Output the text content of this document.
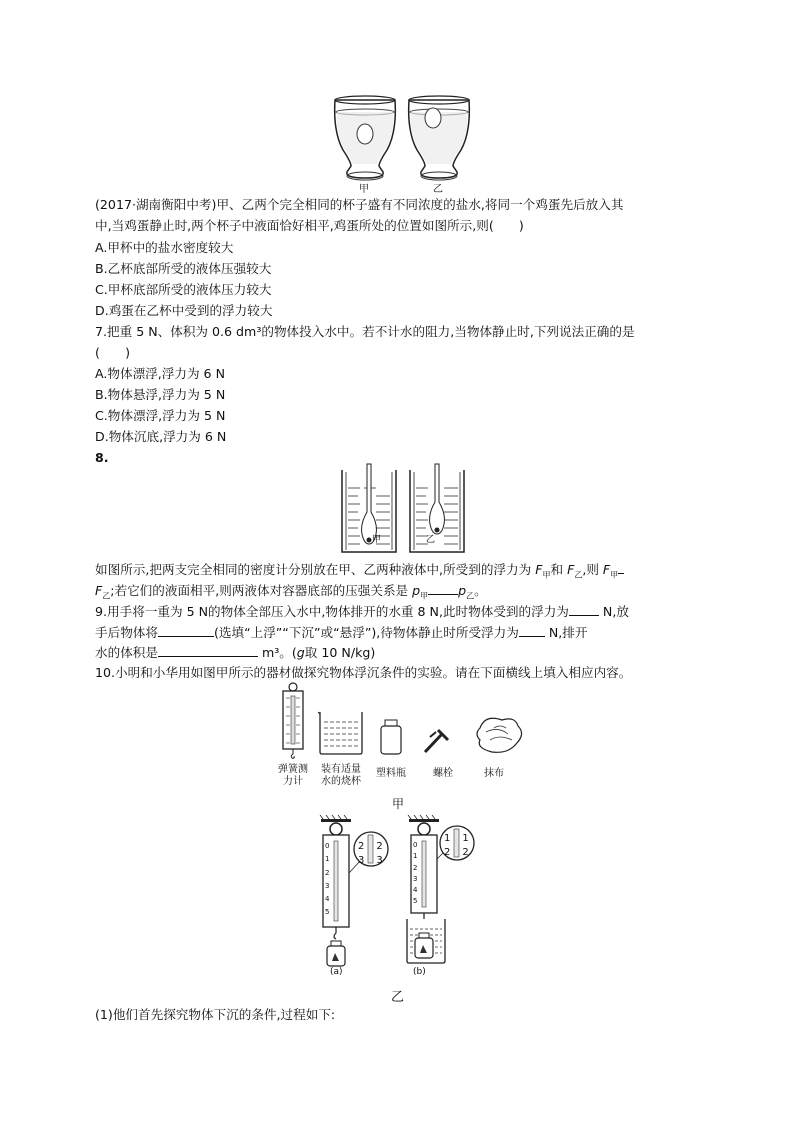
甲	乙
(2017·湖南衡阳中考)甲、乙两个完全相同的杯子盛有不同浓度的盐水,将同一个鸡蛋先后放入其
中,当鸡蛋静止时,两个杯子中液面恰好相平,鸡蛋所处的位置如图所示,则(　　)
A.甲杯中的盐水密度较大
B.乙杯底部所受的液体压强较大
C.甲杯底部所受的液体压力较大
D.鸡蛋在乙杯中受到的浮力较大
7.把重 5 N、体积为 0.6 dm³的物体投入水中。若不计水的阻力,当物体静止时,下列说法正确的是
(　　)
A.物体漂浮,浮力为 6 N
B.物体悬浮,浮力为 5 N
C.物体漂浮,浮力为 5 N
D.物体沉底,浮力为 6 N
8.
甲	乙
如图所示,把两支完全相同的密度计分别放在甲、乙两种液体中,所受到的浮力为 $F_甲$和 $F_乙$,则 $F_甲$
$F_乙$;若它们的液面相平,则两液体对容器底部的压强关系是 $p_甲$ $p_乙$。
9.用手将一重为 5 N的物体全部压入水中,物体排开的水重 8 N,此时物体受到的浮力为 N,放
手后物体将	(选填“上浮”“下沉”或“悬浮”),待物体静止时所受浮力为 N,排开
水的体积是	m³。(g取 10 N/kg)
10.小明和小华用如图甲所示的器材做探究物体浮沉条件的实验。请在下面横线上填入相应内容。
弹簧测
力计
装有适量
水的烧杯
塑料瓶	螺栓	抹布
甲
0
1
2
3
4
5
2 2
3 3
0
1
2
3
4
5
1 1
2 2
(a)	(b)
乙
(1)他们首先探究物体下沉的条件,过程如下:
